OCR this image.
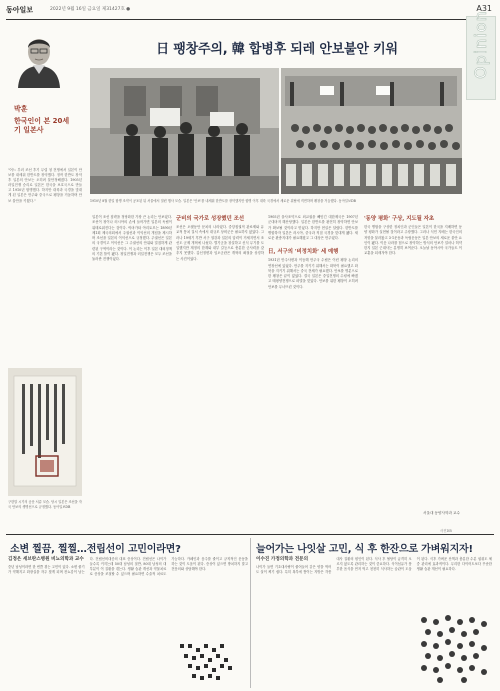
동아일보	2022년 9월 16일 금요일 제31427호 ●	A31
Opinion
日 팽창주의, 韓 합병후 되레 안보불안 키워
박훈
한국인이 본 20세기 일본사
"어느 부러 조선 후기 무렵 청 전쟁에서 일본이 안보를 내세워 한반도를 장악했다. 정작 한반도 장악 후 일본의 안보는 오히려 불안정해졌다. 1905년 러일전쟁 승리로 일본은 한국을 보호국으로 만들고 1910년 합병했다. 하지만 대륙과 국경을 맞대게 된 일본은 만주와 중국으로 팽창을 거듭하며 안보 불안을 키웠다."	1910년 8월 한일 합병 조약이 공포된 뒤 서울에서 열린 행사 모습. 일본은 '안보'를 내세워 한반도를 장악했지만 합병 이후 대륙 국경에서 새로운 위협에 직면하며 팽창을 거듭했다. 동아일보DB
구한말 시기의 공문 서류 모습. 당시 일본은 조선을 자국 안보의 생명선으로 규정했다. 동아일보DB
일본이 조선 침략을 정당화한 가장 큰 논리는 안보였다. 조선이 청이나 러시아의 손에 들어가면 일본의 독립이 위태로워진다는 것이다. 야마가타 아리토모는 1890년 제1회 제국의회에서 주권선과 이익선의 개념을 제시하며 조선을 일본의 이익선으로 규정했다. 주권선은 일본의 국경이고 이익선은 그 주권선의 안위와 밀접하게 관련된 구역이라는 것이다. 이 논리는 이후 일본 대외정책의 기본 틀이 됐다. 청일전쟁과 러일전쟁은 모두 조선을 둘러싼 전쟁이었다.
군비의 국가로 성장했던 조선
조선은 오랫동안 문치의 나라였다. 중앙집권적 관료제와 유교적 통치 질서 속에서 대규모 상비군은 필요하지 않았다. 그러나 19세기 후반 서구 열강과 일본의 압력이 거세지면서 조선도 군제 개혁에 나섰다. 별기군을 창설하고 신식 무기를 도입했지만 재정의 한계와 내부 갈등으로 충분한 군사력을 갖추지 못했다. 갑신정변과 임오군란은 개혁의 좌절을 상징하는 사건이었다.
1905년 을사조약으로 외교권을 빼앗긴 대한제국은 1907년 군대마저 해산당했다. 일본은 한반도를 완전히 장악하면 안보가 확보될 것이라고 믿었다. 하지만 현실은 달랐다. 한반도를 병합하자 일본은 러시아, 중국과 직접 국경을 맞대게 됐다. 새로운 완충지대가 필요해졌고 그 대상은 만주였다.
日, 서구의 '비정치화' 세 예행
1931년 만주사변과 이듬해 만주국 수립은 이런 팽창 논리의 연장선에 있었다. 만주를 지키기 위해서는 화북이 필요했고 화북을 지키기 위해서는 중국 전체가 필요했다. 안보를 명분으로 한 팽창은 끝이 없었다. 결국 일본은 중일전쟁의 수렁에 빠졌고 태평양전쟁으로 파멸을 맞았다. 안보를 위한 팽창이 오히려 안보를 무너뜨린 것이다.
'동양 평화' 구상, 지도될 자초
한국 병합을 구상한 정치인과 군인들은 일본이 한국을 지배하면 동양 평화가 실현될 것이라고 주장했다. 그러나 식민 지배는 한국인의 저항을 불러왔고 3·1운동과 독립운동은 일본 안보의 새로운 불안 요인이 됐다. 이웃 나라를 힘으로 장악하는 방식의 안보가 얼마나 허약한지 일본 근대사는 분명히 보여준다. 오늘날 동아시아 국가들도 이 교훈을 되새겨야 한다.
서울대 동양사학과 교수
사진DB
소변 찔끔, 찔찔…전립선이 고민이라면?
김정은 세브란스병원 비뇨의학과 교수
중년 남성이라면 한 번쯤 겪는 고민이 있다. 소변 줄기가 약해지고 화장실을 자주 찾게 되며 잔뇨감이 남는다. 전립선비대증의 대표 증상이다. 전립선은 나이가 들수록 커지는데 50대 남성의 절반, 80대 남성의 대부분이 이 질환을 겪는다. 생활 습관 개선과 약물치료로 증상을 조절할 수 있으며 필요하면 수술적 치료도 가능하다. 카페인과 음주를 줄이고 규칙적인 운동을 하는 것이 도움이 된다. 증상이 있으면 방치하지 말고 전문의와 상담해야 한다.
늘어가는 나잇살 고민, 식 후 한잔으로 가벼워지자!
이수진 가정의학과 전문의
나이가 들면 기초대사량이 줄어들어 같은 양을 먹어도 살이 찌기 쉽다. 특히 복부에 쌓이는 지방은 각종 대사 질환의 원인이 된다. 식사 후 혈당이 급격히 오르지 않도록 관리하는 것이 중요하다. 식이섬유가 풍부한 음식을 먼저 먹고 천천히 식사하는 습관이 도움이 된다. 식후 가벼운 산책과 충분한 수분 섭취도 체중 관리에 효과적이다. 무리한 다이어트보다 꾸준한 생활 습관 개선이 필요하다.
